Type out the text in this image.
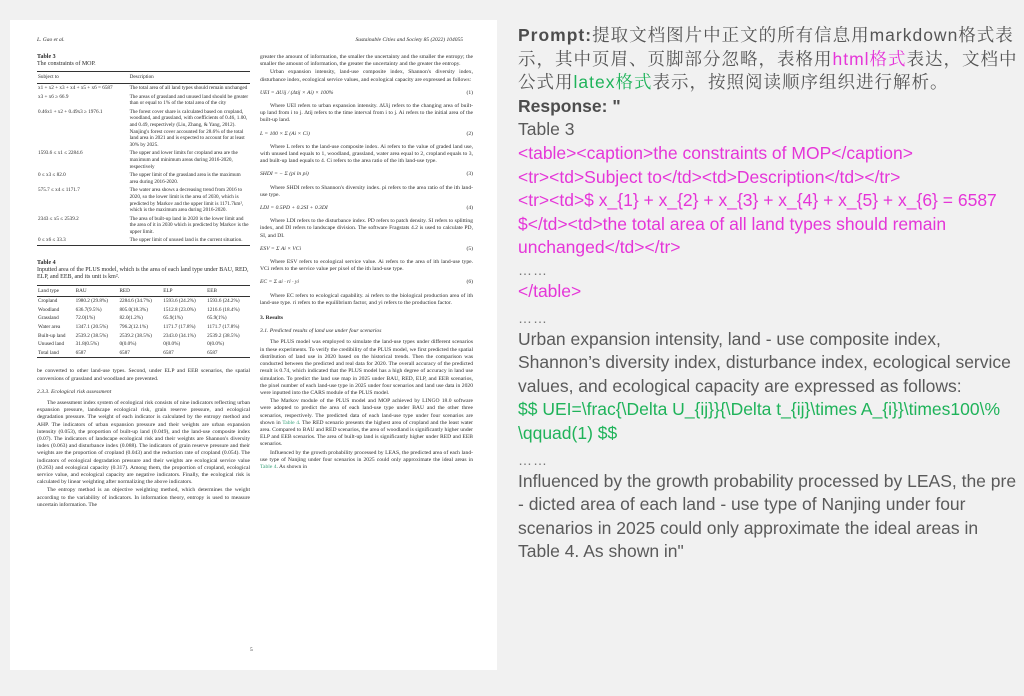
L. Gao et al.	Sustainable Cities and Society 85 (2022) 104055
Table 3
The constraints of MOP.
Subject to	Description
x1 + x2 + x3 + x4 + x5 + x6 = 6587	The total area of all land types should remain unchanged
x3 + x6 ≥ 66.9	The areas of grassland and unused land should be greater than or equal to 1% of the total area of the city
0.46x1 + x2 + 0.49x3 ≥ 1976.1	The forest cover share is calculated based on cropland, woodland, and grassland, with coefficients of 0.46, 1.00, and 0.49, respectively (Liu, Zhang, & Yang, 2012). Nanjing's forest cover accounted for 28.6% of the total land area in 2021 and is expected to account for at least 30% by 2025.
1593.6 ≤ x1 ≤ 2284.6	The upper and lower limits for cropland area are the maximum and minimum areas during 2016-2020, respectively
0 ≤ x3 ≤ 82.0	The upper limit of the grassland area is the maximum area during 2016-2020.
575.7 ≤ x4 ≤ 1171.7	The water area shows a decreasing trend from 2016 to 2020, so the lower limit is the area of 2030, which is predicted by Markov and the upper limit is 1171.7km², which is the maximum area during 2016-2020.
2343 ≤ x5 ≤ 2539.2	The area of built-up land in 2020 is the lower limit and the area of it in 2030 which is predicted by Markov is the upper limit.
0 ≤ x6 ≤ 33.3	The upper limit of unused land is the current situation.
Table 4
Inputted area of the PLUS model, which is the area of each land type under BAU, RED, ELP, and EEB, and its unit is km².
Land type	BAU	RED	ELP	EEB
Cropland	1980.2 (29.8%)	2284.6 (34.7%)	1593.6 (24.2%)	1593.6 (24.2%)
Woodland	636.7(9.5%)	805.0(18.3%)	1512.8 (23.0%)	1216.6 (18.4%)
Grassland	72.0(1%)	82.0(1.2%)	65.9(1%)	65.9(1%)
Water area	1347.1 (20.5%)	796.2(12.1%)	1171.7 (17.8%)	1171.7 (17.8%)
Built-up land	2539.2 (38.5%)	2539.2 (38.5%)	2343.0 (34.1%)	2539.2 (38.5%)
Unused land	31.8(0.5%)	0(0.0%)	0(0.0%)	0(0.0%)
Total land	6587	6587	6587	6587

be converted to other land-use types. Second, under ELP and EEB scenarios, the spatial conversions of grassland and woodland are prevented.

2.3.3. Ecological risk assessment

The assessment index system of ecological risk consists of nine indicators reflecting urban expansion pressure, landscape ecological risk, grain reserve pressure, and ecological degradation pressure. The weight of each indicator is calculated by the entropy method and AHP. The indicators of urban expansion pressure and their weights are urban expansion intensity (0.053), the proportion of built-up land (0.049), and the land-use composite index (0.07). The indicators of landscape ecological risk and their weights are Shannon's diversity index (0.063) and disturbance index (0.088). The indicators of grain reserve pressure and their weights are the proportion of cropland (0.043) and the reduction rate of cropland (0.054). The indicators of ecological degradation pressure and their weights are ecological service value (0.263) and ecological capacity (0.317). Among them, the proportion of cropland, ecological service value, and ecological capacity are negative indicators. Finally, the ecological risk is calculated by linear weighting after normalizing the above indicators.

The entropy method is an objective weighting method, which determines the weight according to the variability of indicators. In information theory, entropy is used to measure uncertain information. The

greater the amount of information, the smaller the uncertainty and the smaller the entropy; the smaller the amount of information, the greater the uncertainty and the greater the entropy.

Urban expansion intensity, land-use composite index, Shannon's diversity index, disturbance index, ecological service values, and ecological capacity are expressed as follows:

UEI = ΔUij / (Δtij × Ai) × 100%	(1)

Where UEI refers to urban expansion intensity. ΔUij refers to the changing area of built-up land from i to j. Δtij refers to the time interval from i to j. Ai refers to the initial area of the built-up land.

L = 100 × Σ (Ai × Ci)	(2)

Where L refers to the land-use composite index. Ai refers to the value of graded land use, with unused land equals to 1, woodland, grassland, water area equal to 2, cropland equals to 3, and built-up land equals to 4. Ci refers to the area ratio of the ith land-use type.

SHDI = − Σ (pi ln pi)	(3)

Where SHDI refers to Shannon's diversity index. pi refers to the area ratio of the ith land-use type.

LDI = 0.5PD + 0.2SI + 0.3DI	(4)

Where LDI refers to the disturbance index. PD refers to patch density. SI refers to splitting index, and DI refers to landscape division. The software Fragstats 4.2 is used to calculate PD, SI, and DI.

ESV = Σ Ai × VCi	(5)

Where ESV refers to ecological service value. Ai refers to the area of ith land-use type. VCi refers to the service value per pixel of the ith land-use type.

EC = Σ ai · ri · yi	(6)

Where EC refers to ecological capability. ai refers to the biological production area of ith land-use type. ri refers to the equilibrium factor, and yi refers to the production factor.

3. Results
3.1. Predicted results of land use under four scenarios

The PLUS model was employed to simulate the land-use types under different scenarios in these experiments. To verify the credibility of the PLUS model, we first predicted the spatial distribution of land use in 2020 based on the historical trends. Then the comparison was conducted between the predicted and real data for 2020. The overall accuracy of the predicted result is 0.74, which indicated that the PLUS model has a high degree of accuracy in land use simulation. To predict the land use map in 2025 under BAU, RED, ELP, and EEB scenarios, the pixel number of each land-use type in 2025 under four scenarios and land use data in 2020 were inputted into the CARS module of the PLUS model.

The Markov module of the PLUS model and MOP achieved by LINGO 18.0 software were adopted to predict the area of each land-use type under BAU and the other three scenarios, respectively. The predicted data of each land-use type under four scenarios are shown in Table 4. The RED scenario presents the highest area of cropland and the least water area. Compared to BAU and RED scenarios, the area of woodland is significantly higher under ELP and EEB scenarios. The area of built-up land is significantly higher under RED and EEB scenarios.

Influenced by the growth probability processed by LEAS, the predicted area of each land-use type of Nanjing under four scenarios in 2025 could only approximate the ideal areas in Table 4. As shown in

5
Prompt:提取文档图片中正文的所有信息用markdown格式表示，其中页眉、页脚部分忽略，表格用html格式表达，文档中公式用latex格式表示，按照阅读顺序组织进行解析。
Response: "
Table 3
<table><caption>the constraints of MOP</caption>
<tr><td>Subject to</td><td>Description</td></tr>
<tr><td>$ x_{1} + x_{2} + x_{3} + x_{4} + x_{5} + x_{6} = 6587 $</td><td>the total area of all land types should remain unchanged</td></tr>
……
</table>
……
Urban expansion intensity, land - use composite index, Shannon’s diversity index, disturbance index, ecological service values, and ecological capacity are expressed as follows:
$$ UEI=\frac{\Delta U_{ij}}{\Delta t_{ij}\times A_{i}}\times100\% \qquad(1) $$
……
Influenced by the growth probability processed by LEAS, the pre - dicted area of each land - use type of Nanjing under four scenarios in 2025 could only approximate the ideal areas in Table 4. As shown in"
